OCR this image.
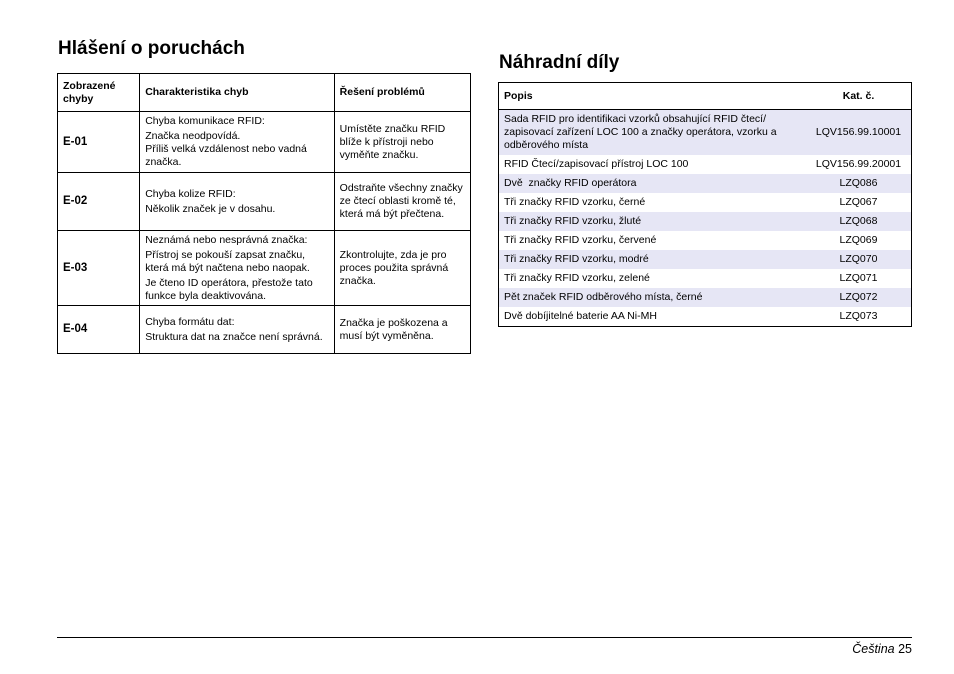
Hlášení o poruchách
Zobrazené chyby	Charakteristika chyb	Řešení problémů
E-01	Chyba komunikace RFID:
Značka neodpovídá.
Příliš velká vzdálenost nebo vadná značka.	Umístěte značku RFID blíže k přístroji nebo vyměňte značku.
E-02	Chyba kolize RFID:
Několik značek je v dosahu.	Odstraňte všechny značky ze čtecí oblasti kromě té, která má být přečtena.
E-03	Neznámá nebo nesprávná značka:
Přístroj se pokouší zapsat značku, která má být načtena nebo naopak.
Je čteno ID operátora, přestože tato funkce byla deaktivována.	Zkontrolujte, zda je pro proces použita správná značka.
E-04	Chyba formátu dat:
Struktura dat na značce není správná.	Značka je poškozena a musí být vyměněna.
Náhradní díly
Popis	Kat. č.
Sada RFID pro identifikaci vzorků obsahující RFID čtecí/ zapisovací zařízení LOC 100 a značky operátora, vzorku a odběrového místa	LQV156.99.10001
RFID Čtecí/zapisovací přístroj LOC 100	LQV156.99.20001
Dvě  značky RFID operátora	LZQ086
Tři značky RFID vzorku, černé	LZQ067
Tři značky RFID vzorku, žluté	LZQ068
Tři značky RFID vzorku, červené	LZQ069
Tři značky RFID vzorku, modré	LZQ070
Tři značky RFID vzorku, zelené	LZQ071
Pět značek RFID odběrového místa, černé	LZQ072
Dvě dobíjitelné baterie AA Ni-MH	LZQ073
Čeština 25
